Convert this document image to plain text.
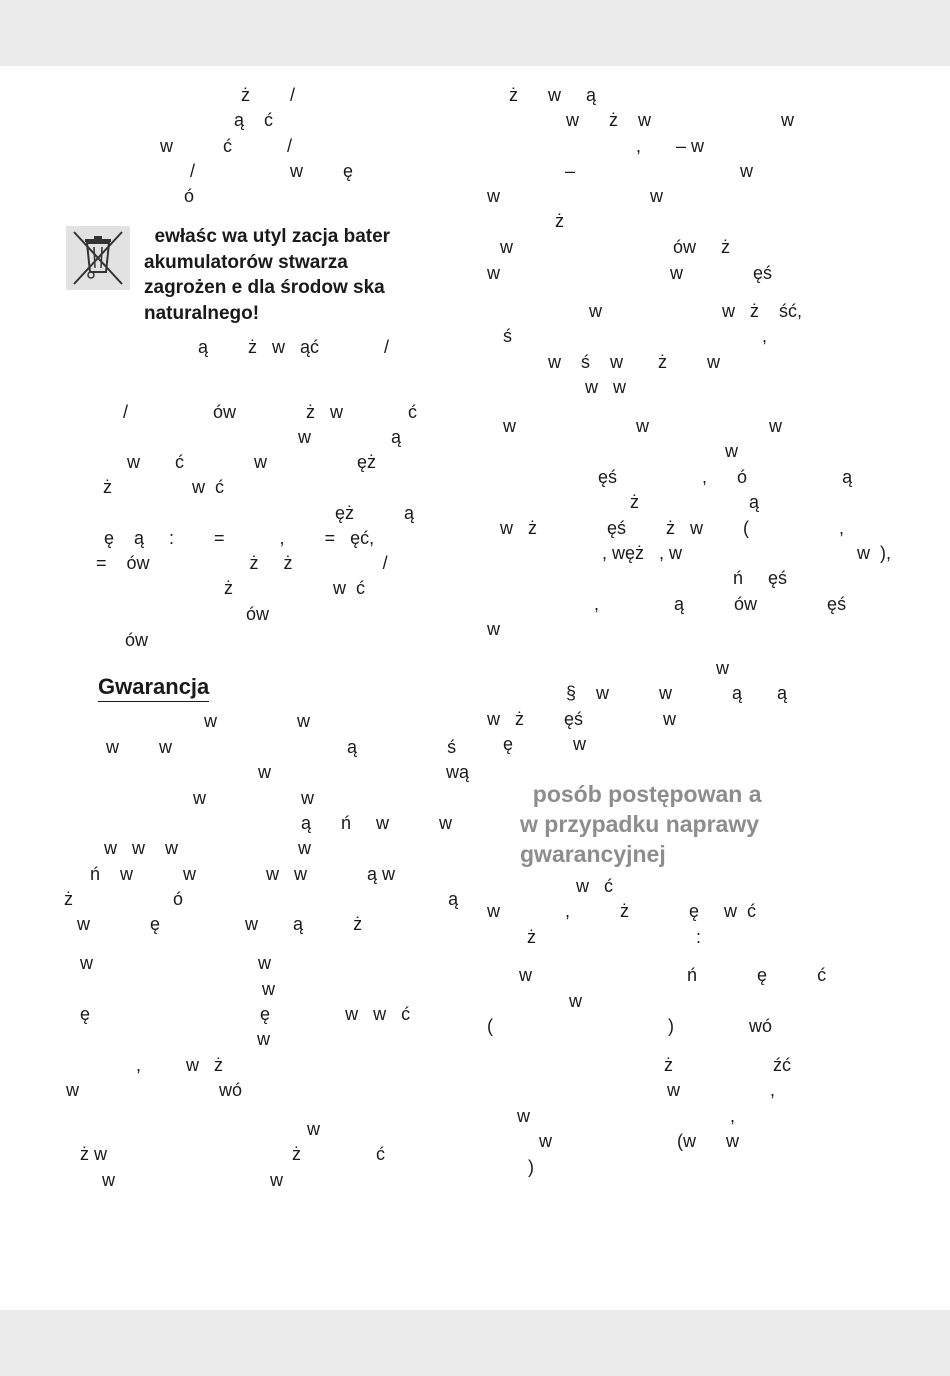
ż        /
ą    ć
w          ć           /
/                   w        ę
ó
ewłaśc wa utyl zacja bater
akumulatorów stwarza
zagrożen e dla środow ska
naturalnego!
ą        ż   w   ąć             /
/                 ów              ż   w             ć
w                ą
w       ć              w                  ęż
ż                w  ć
ęż          ą
ę    ą     :        =           ,        =   ęć,
=    ów                    ż     ż                  /
ż                    w  ć
ów
ów
Gwarancja
w                w
w        w                                   ą                  ś
w                                   wą
w                   w
ą      ń     w          w
w   w    w                        w
ń    w          w              w   w            ą w
ż                    ó                                                     ą
w            ę                 w       ą          ż
w                                 w
w
ę                                  ę               w   w   ć
w
,         w   ż
w                            wó
w
ż w                                     ż               ć
w                               w
ż      w     ą
w      ż    w                          w
,       – w
–                                 w
w                              w
ż
w                                ów     ż
w                                  w              ęś
w                        w   ż    ść,
ś                                                  ,
w    ś    w       ż        w
w   w
w                        w                        w
w
ęś                 ,      ó                   ą
ż                      ą
w   ż              ęś        ż   w        (                  ,
, węż   , w                                   w  ),
ń     ęś
,               ą          ów              ęś
w
w
§    w          w            ą       ą
w   ż        ęś                w
ę            w
posób postępowan a
w przypadku naprawy
gwarancyjnej
w   ć
w             ,          ż            ę     w  ć
ż                                :
w                               ń            ę          ć
w
(                                   )               wó
ż                    źć
w                  ,
w                                        ,
w                         (w      w
)
